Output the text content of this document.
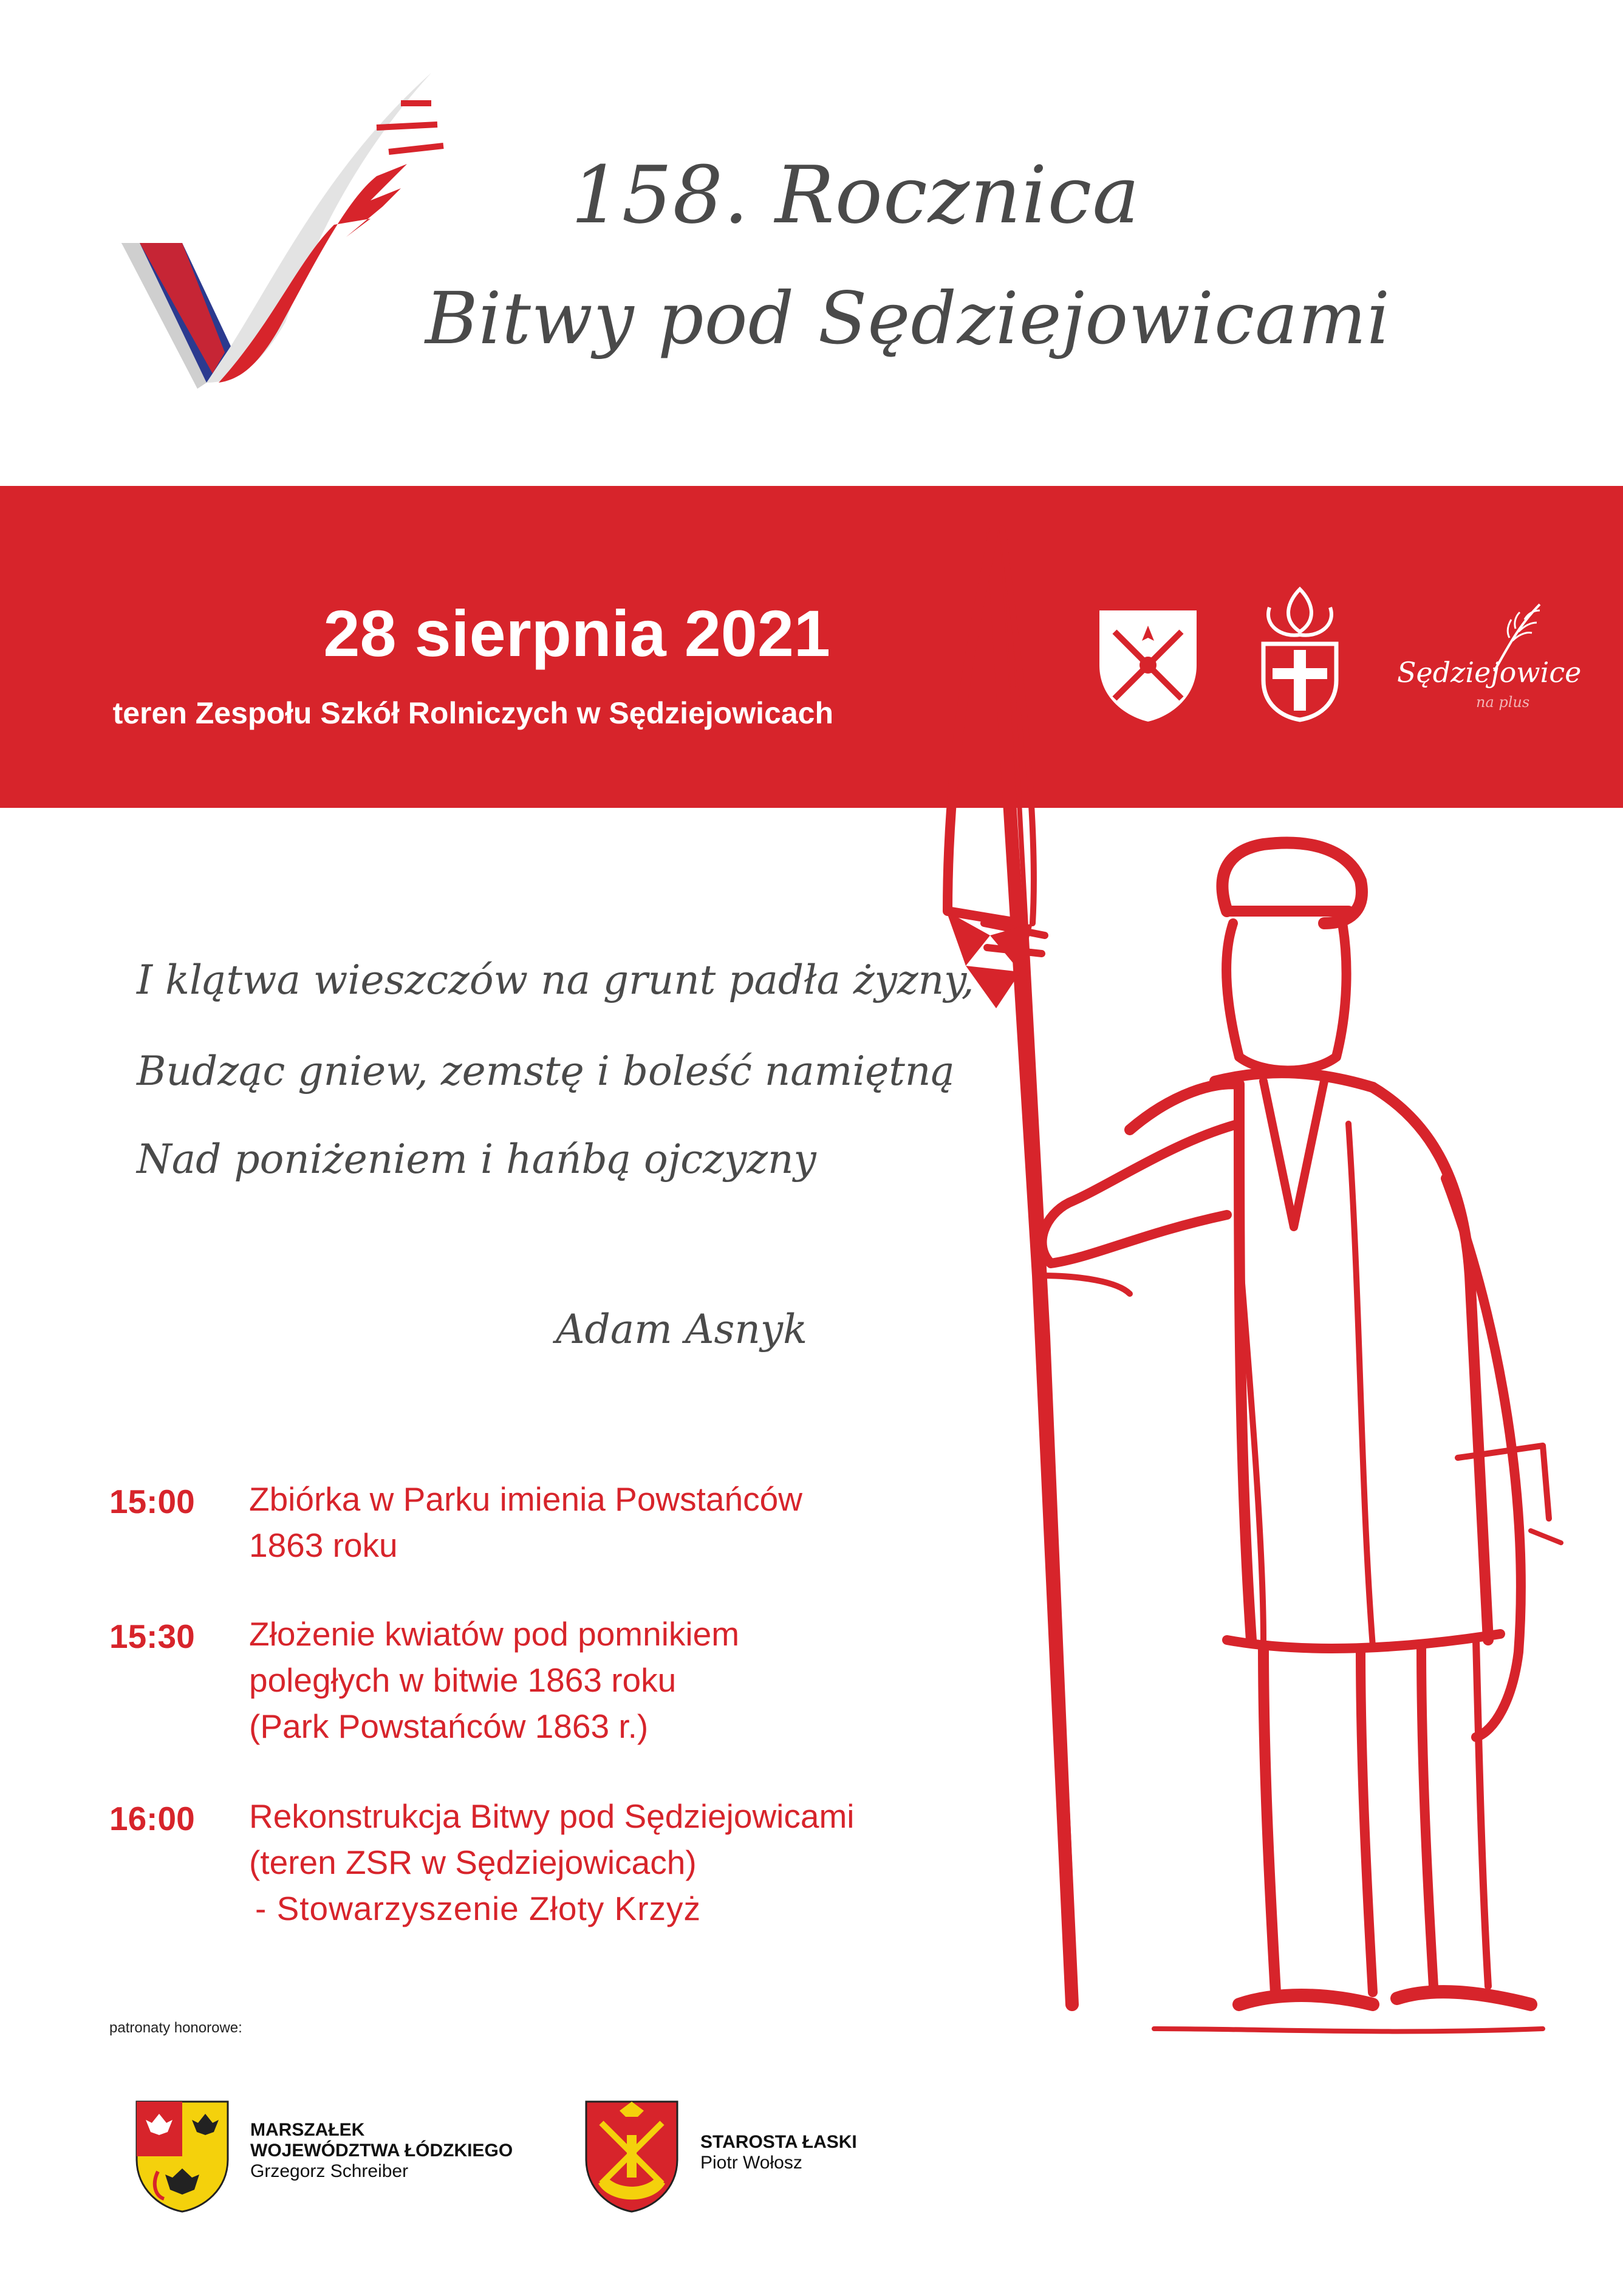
158. Rocznica
Bitwy pod Sędziejowicami
28 sierpnia 2021
teren Zespołu Szkół Rolniczych w Sędziejowicach
Sędziejowice
na plus
I klątwa wieszczów na grunt padła żyzny,
Budząc gniew, zemstę i boleść namiętną
Nad poniżeniem i hańbą ojczyzny
Adam Asnyk
15:00 Zbiórka w Parku imienia Powstańców
1863 roku
15:30 Złożenie kwiatów pod pomnikiem
poległych w bitwie 1863 roku
(Park Powstańców 1863 r.)
16:00 Rekonstrukcja Bitwy pod Sędziejowicami
(teren ZSR w Sędziejowicach)
- Stowarzyszenie Złoty Krzyż
patronaty honorowe:
MARSZAŁEK
WOJEWÓDZTWA ŁÓDZKIEGO
Grzegorz Schreiber
STAROSTA ŁASKI
Piotr Wołosz
